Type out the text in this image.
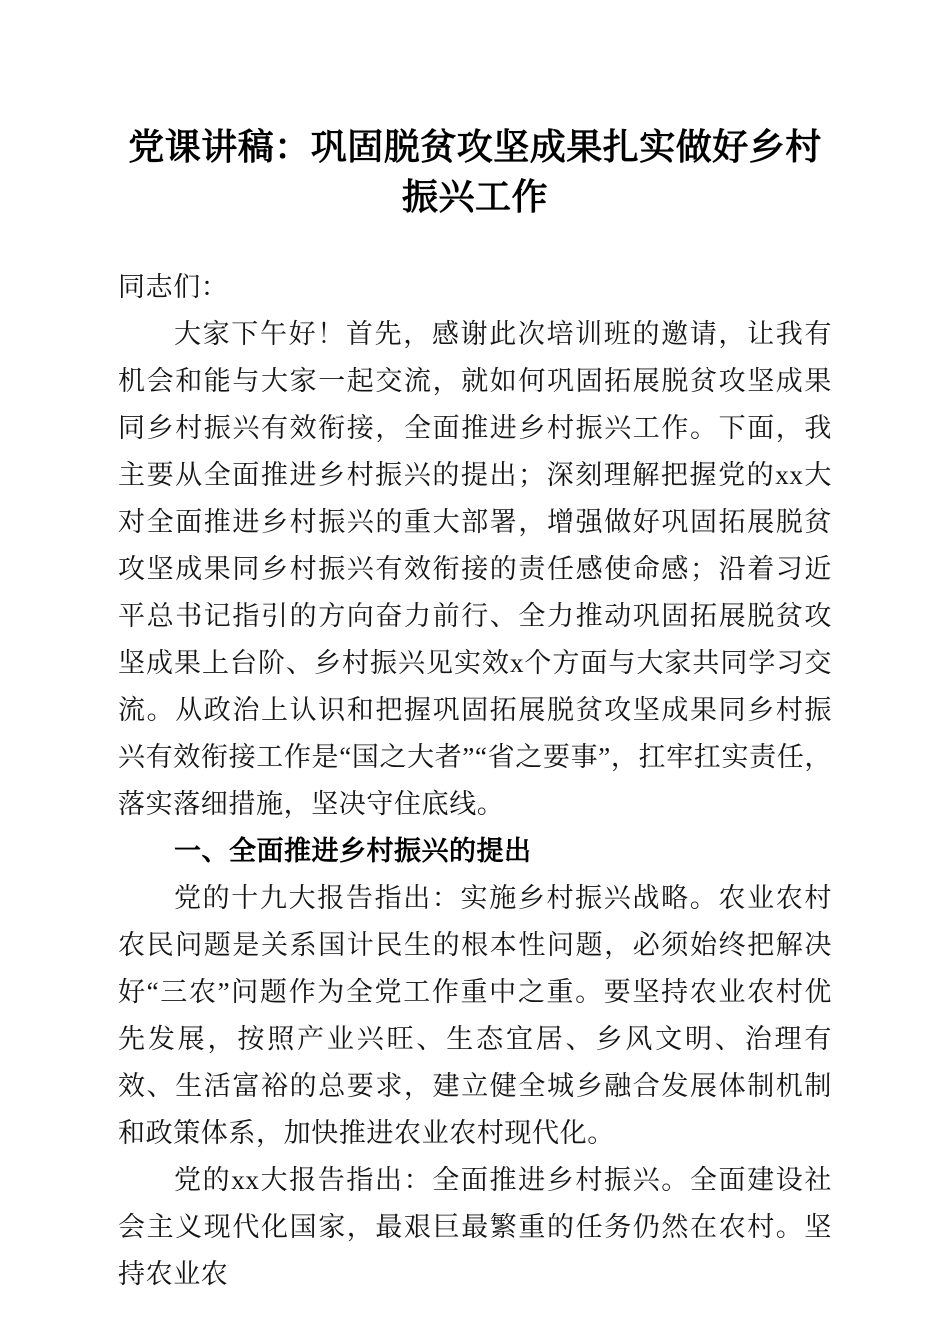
党课讲稿：巩固脱贫攻坚成果扎实做好乡村振兴工作

同志们：

大家下午好！首先，感谢此次培训班的邀请，让我有机会和能与大家一起交流，就如何巩固拓展脱贫攻坚成果同乡村振兴有效衔接，全面推进乡村振兴工作。下面，我主要从全面推进乡村振兴的提出；深刻理解把握党的xx大对全面推进乡村振兴的重大部署，增强做好巩固拓展脱贫攻坚成果同乡村振兴有效衔接的责任感使命感；沿着习近平总书记指引的方向奋力前行、全力推动巩固拓展脱贫攻坚成果上台阶、乡村振兴见实效x个方面与大家共同学习交流。从政治上认识和把握巩固拓展脱贫攻坚成果同乡村振兴有效衔接工作是“国之大者”“省之要事”，扛牢扛实责任，落实落细措施，坚决守住底线。

一、全面推进乡村振兴的提出

党的十九大报告指出：实施乡村振兴战略。农业农村农民问题是关系国计民生的根本性问题，必须始终把解决好“三农”问题作为全党工作重中之重。要坚持农业农村优先发展，按照产业兴旺、生态宜居、乡风文明、治理有效、生活富裕的总要求，建立健全城乡融合发展体制机制和政策体系，加快推进农业农村现代化。

党的xx大报告指出：全面推进乡村振兴。全面建设社会主义现代化国家，最艰巨最繁重的任务仍然在农村。坚持农业农
